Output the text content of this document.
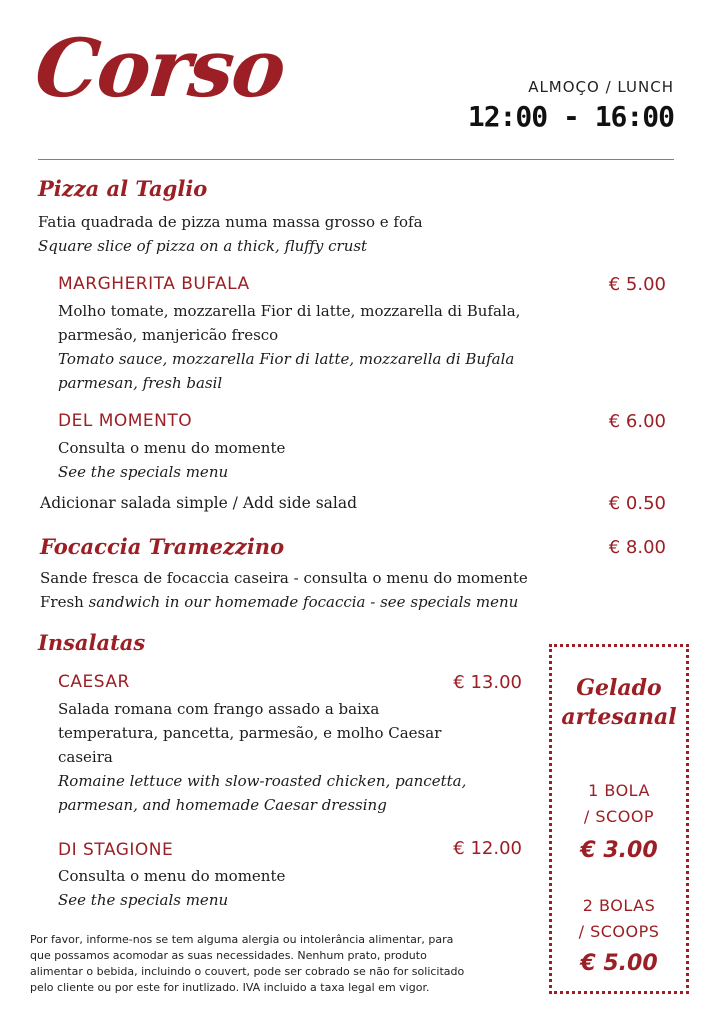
Corso	ALMOÇO / LUNCH
12:00 - 16:00
Pizza al Taglio
Fatia quadrada de pizza numa massa grosso e fofa
Square slice of pizza on a thick, fluffy crust
MARGHERITA BUFALA	€ 5.00
Molho tomate, mozzarella Fior di latte, mozzarella di Bufala,
parmesão, manjericão fresco
Tomato sauce, mozzarella Fior di latte, mozzarella di Bufala
parmesan, fresh basil
DEL MOMENTO	€ 6.00
Consulta o menu do momente
See the specials menu
Adicionar salada simple / Add side salad	€ 0.50
Focaccia Tramezzino	€ 8.00
Sande fresca de focaccia caseira - consulta o menu do momente
Fresh sandwich in our homemade focaccia - see specials menu
Insalatas
CAESAR	€ 13.00
Salada romana com frango assado a baixa
temperatura, pancetta, parmesão, e molho Caesar
caseira
Romaine lettuce with slow-roasted chicken, pancetta,
parmesan, and homemade Caesar dressing
DI STAGIONE	€ 12.00
Consulta o menu do momente
See the specials menu
Gelado
artesanal
1 BOLA
/ SCOOP
€ 3.00
2 BOLAS
/ SCOOPS
€ 5.00
Por favor, informe-nos se tem alguma alergia ou intolerância alimentar, para
que possamos acomodar as suas necessidades. Nenhum prato, produto
alimentar o bebida, incluindo o couvert, pode ser cobrado se não for solicitado
pelo cliente ou por este for inutlizado. IVA incluido a taxa legal em vigor.
